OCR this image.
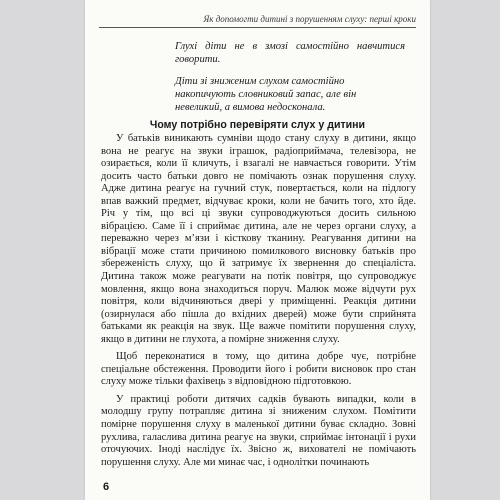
Як допомогти дитині з порушенням слуху: перші кроки
Глухі діти не в змозі самостійно навчитися говорити.
Діти зі зниженим слухом самостійно накопичують словниковий запас, але він невеликий, а вимова недосконала.
Чому потрібно перевіряти слух у дитини

У батьків виникають сумніви щодо стану слуху в дитини, якщо вона не реагує на звуки іграшок, радіоприймача, телевізора, не озирається, коли її кличуть, і взагалі не навчається говорити. Утім досить часто батьки довго не помічають ознак порушення слуху. Адже дитина реагує на гучний стук, повертається, коли на підлогу впав важкий предмет, відчуває кроки, коли не бачить того, хто йде. Річ у тім, що всі ці звуки супроводжуються досить сильною вібрацією. Саме її і сприймає дитина, але не через органи слуху, а переважно через м’язи і кісткову тканину. Реагування дитини на вібрації може стати причиною помилкового висновку батьків про збереженість слуху, що й затримує їх звернення до спеціаліста. Дитина також може реагувати на потік повітря, що супроводжує мовлення, якщо вона знаходиться поруч. Малюк може відчути рух повітря, коли відчиняються двері у приміщенні. Реакція дитини (озирнулася або пішла до вхідних дверей) може бути сприйнята батьками як реакція на звук. Ще важче помітити порушення слуху, якщо в дитини не глухота, а помірне зниження слуху.

Щоб переконатися в тому, що дитина добре чує, потрібне спеціальне обстеження. Проводити його і робити висновок про стан слуху може тільки фахівець з відповідною підготовкою.

У практиці роботи дитячих садків бувають випадки, коли в молодшу групу потрапляє дитина зі зниженим слухом. Помітити помірне порушення слуху в маленької дитини буває складно. Зовні рухлива, галаслива дитина реагує на звуки, сприймає інтонації і рухи оточуючих. Іноді наслідує їх. Звісно ж, вихователі не помічають порушення слуху. Але ми минає час, і однолітки починають

6
